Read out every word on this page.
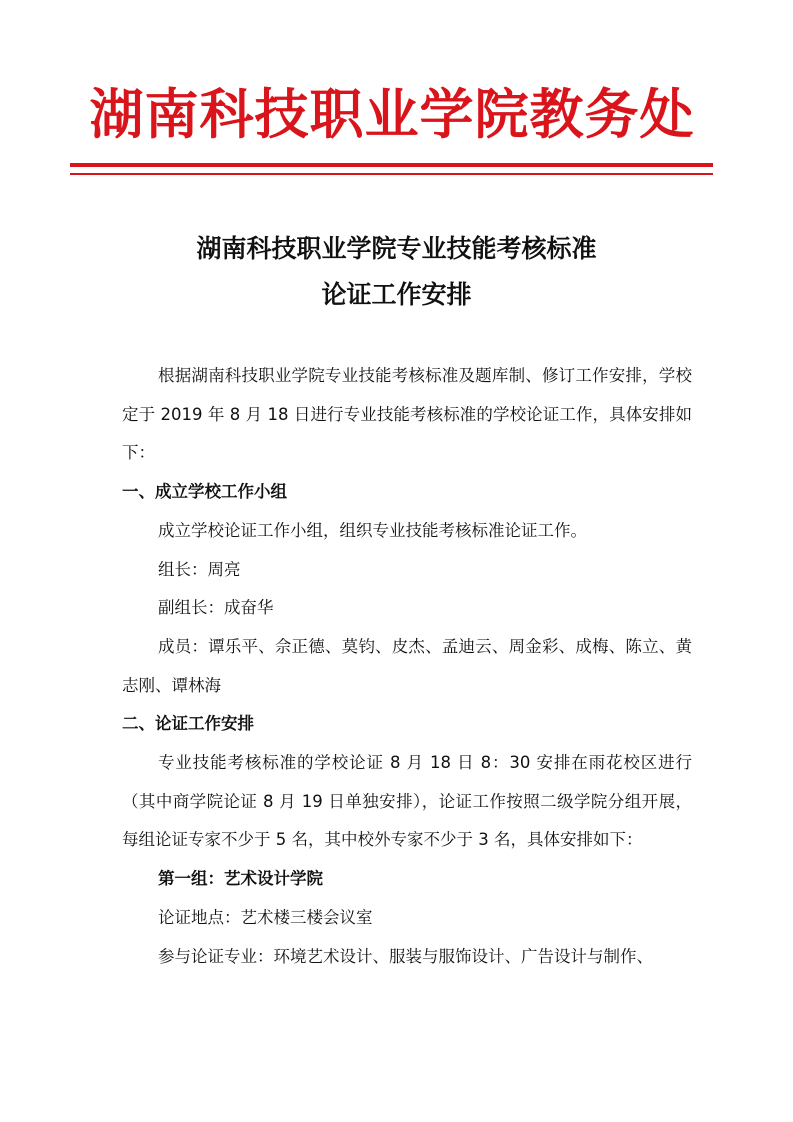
湖南科技职业学院教务处
湖南科技职业学院专业技能考核标准
论证工作安排

根据湖南科技职业学院专业技能考核标准及题库制、修订工作安排，学校定于 2019 年 8 月 18 日进行专业技能考核标准的学校论证工作，具体安排如下：

一、成立学校工作小组

成立学校论证工作小组，组织专业技能考核标准论证工作。

组长：周亮

副组长：成奋华

成员：谭乐平、佘正德、莫钧、皮杰、孟迪云、周金彩、成梅、陈立、黄志刚、谭林海

二、论证工作安排

专业技能考核标准的学校论证 8 月 18 日 8：30 安排在雨花校区进行（其中商学院论证 8 月 19 日单独安排），论证工作按照二级学院分组开展，每组论证专家不少于 5 名，其中校外专家不少于 3 名，具体安排如下：

第一组：艺术设计学院

论证地点：艺术楼三楼会议室

参与论证专业：环境艺术设计、服装与服饰设计、广告设计与制作、
